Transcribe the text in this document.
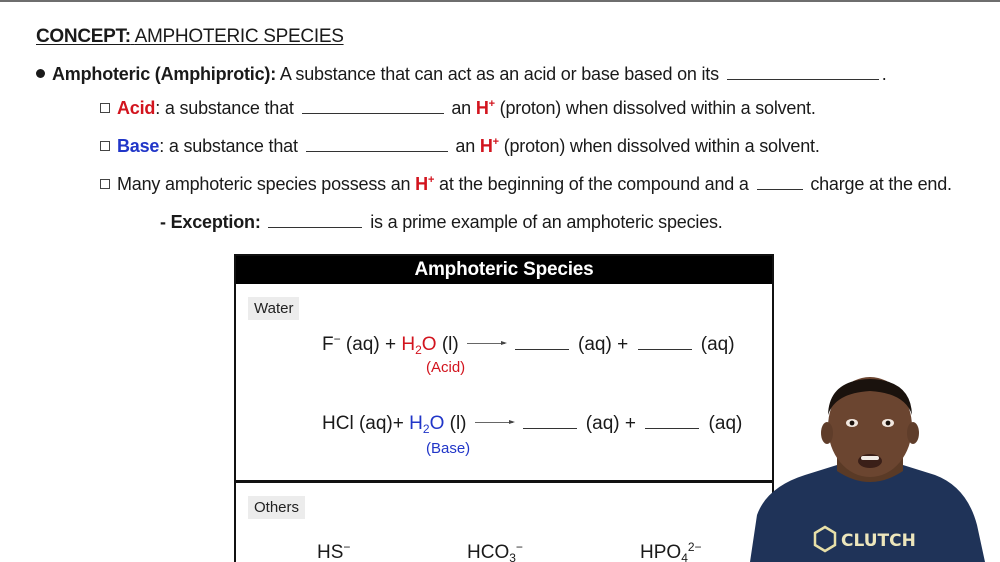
CONCEPT: AMPHOTERIC SPECIES
Amphoteric (Amphiprotic): A substance that can act as an acid or base based on its	.
Acid: a substance that	an H+ (proton) when dissolved within a solvent.
Base: a substance that	an H+ (proton) when dissolved within a solvent.
Many amphoteric species possess an H+ at the beginning of the compound and a	charge at the end.
- Exception:	is a prime example of an amphoteric species.
Amphoteric Species
Water
F− $(aq) + H_2O$ (l) →	(aq) +	(aq)
(Acid)
HCl $(aq)+ H_2O$ (l) →	(aq) +	(aq)
(Base)
Others
HS−	$HCO_3^-$	$HPO_4^{2-}$	CLUTCH
